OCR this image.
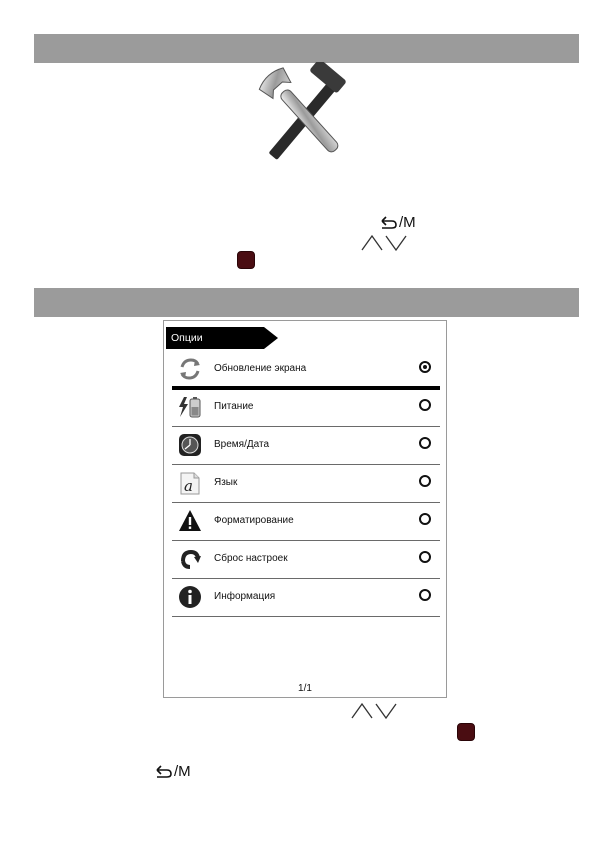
/M
Опции
Обновление экрана
Питание
Время/Дата
a Язык
Форматирование
Сброс настроек
Информация
1/1
/M
